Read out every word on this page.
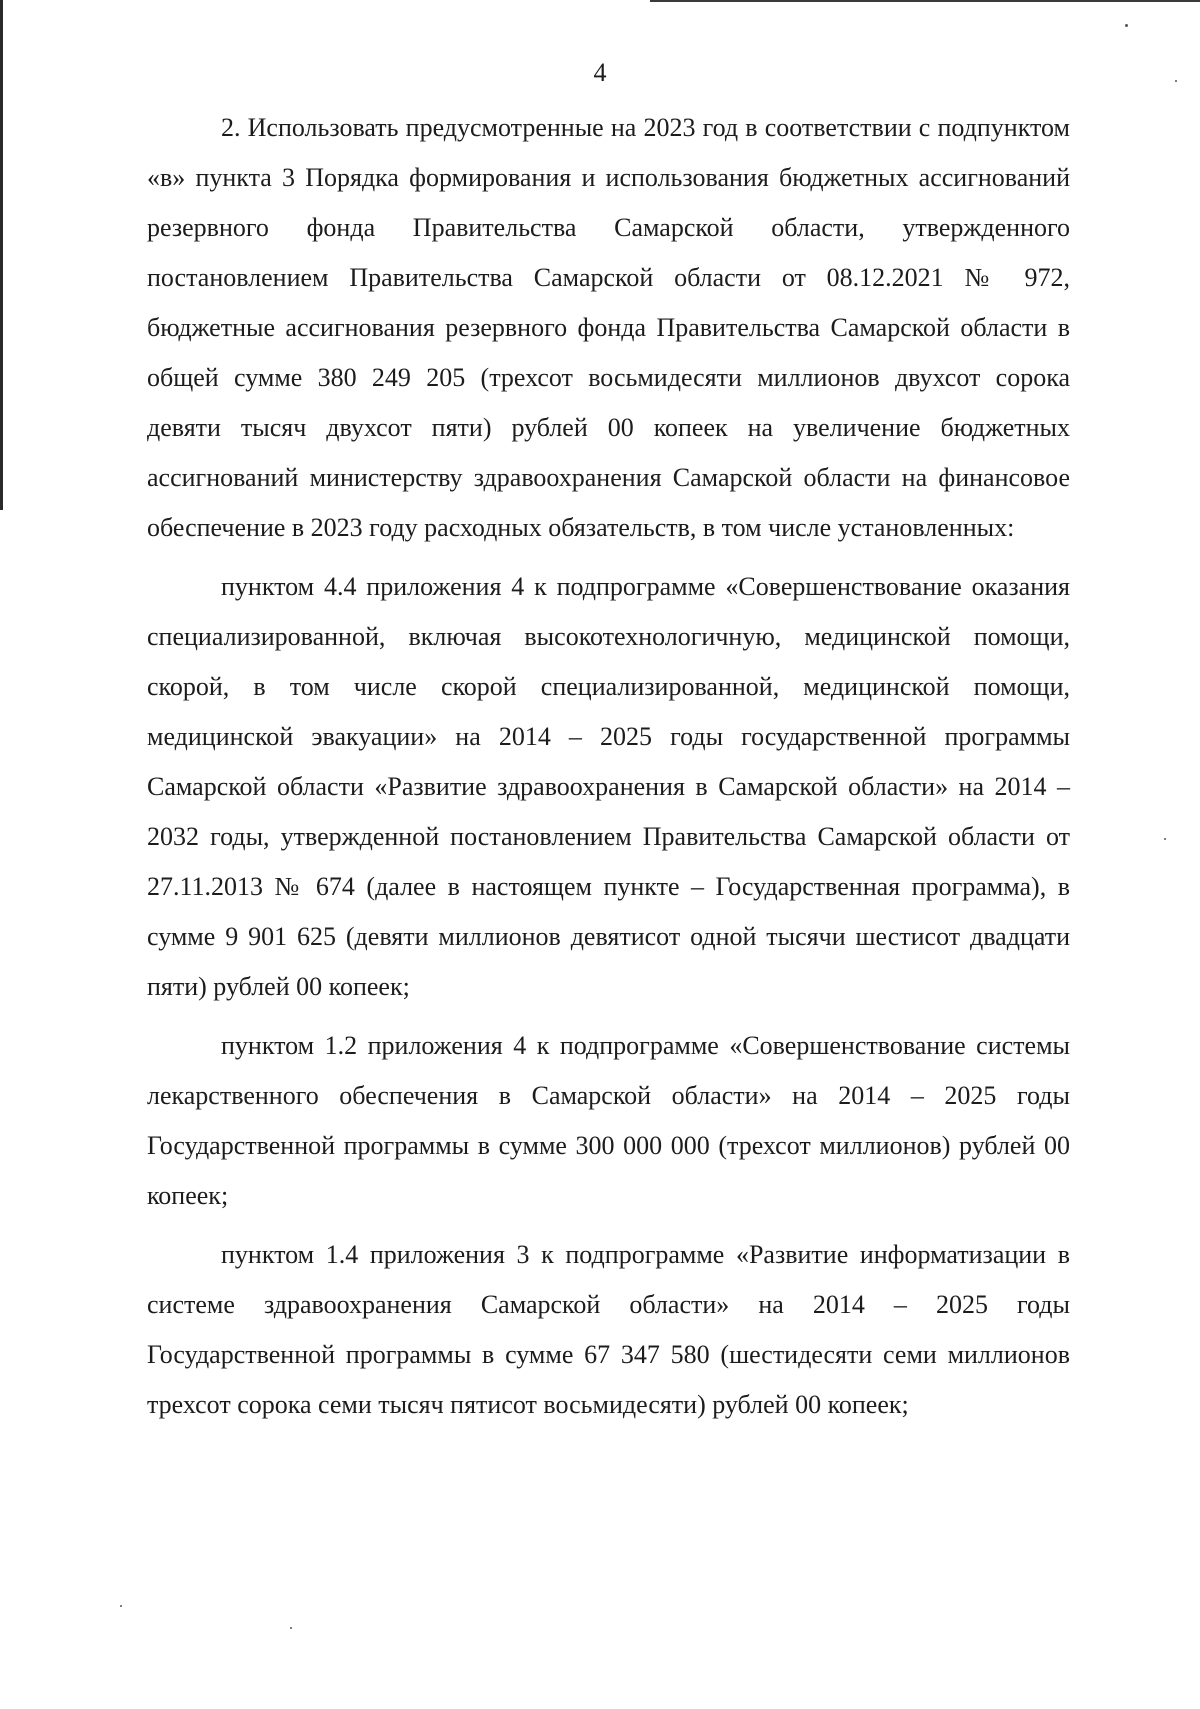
4

2. Использовать предусмотренные на 2023 год в соответствии с подпунктом «в» пункта 3 Порядка формирования и использования бюджетных ассигнований резервного фонда Правительства Самарской области, утвержденного постановлением Правительства Самарской области от 08.12.2021 № 972, бюджетные ассигнования резервного фонда Правительства Самарской области в общей сумме 380 249 205 (трехсот восьмидесяти миллионов двухсот сорока девяти тысяч двухсот пяти) рублей 00 копеек на увеличение бюджетных ассигнований министерству здравоохранения Самарской области на финансовое обеспечение в 2023 году расходных обязательств, в том числе установленных:

пунктом 4.4 приложения 4 к подпрограмме «Совершенствование оказания специализированной, включая высокотехнологичную, медицинской помощи, скорой, в том числе скорой специализированной, медицинской помощи, медицинской эвакуации» на 2014 – 2025 годы государственной программы Самарской области «Развитие здравоохранения в Самарской области» на 2014 – 2032 годы, утвержденной постановлением Правительства Самарской области от 27.11.2013 № 674 (далее в настоящем пункте – Государственная программа), в сумме 9 901 625 (девяти миллионов девятисот одной тысячи шестисот двадцати пяти) рублей 00 копеек;

пунктом 1.2 приложения 4 к подпрограмме «Совершенствование системы лекарственного обеспечения в Самарской области» на 2014 – 2025 годы Государственной программы в сумме 300 000 000 (трехсот миллионов) рублей 00 копеек;

пунктом 1.4 приложения 3 к подпрограмме «Развитие информатизации в системе здравоохранения Самарской области» на 2014 – 2025 годы Государственной программы в сумме 67 347 580 (шестидесяти семи миллионов трехсот сорока семи тысяч пятисот восьмидесяти) рублей 00 копеек;
